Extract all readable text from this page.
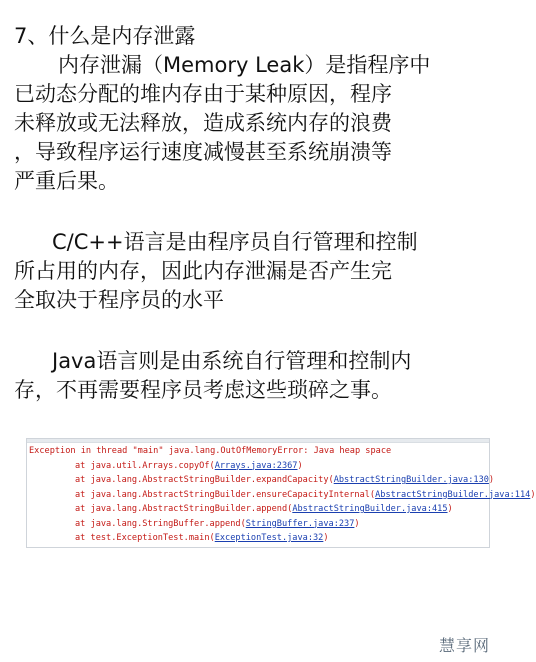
7、什么是内存泄露

内存泄漏（Memory Leak）是指程序中

已动态分配的堆内存由于某种原因，程序

未释放或无法释放，造成系统内存的浪费

，导致程序运行速度减慢甚至系统崩溃等

严重后果。

C/C++语言是由程序员自行管理和控制

所占用的内存，因此内存泄漏是否产生完

全取决于程序员的水平

Java语言则是由系统自行管理和控制内

存，不再需要程序员考虑这些琐碎之事。

Exception in thread "main" java.lang.OutOfMemoryError: Java heap space
at java.util.Arrays.copyOf(Arrays.java:2367)
at java.lang.AbstractStringBuilder.expandCapacity(AbstractStringBuilder.java:130)
at java.lang.AbstractStringBuilder.ensureCapacityInternal(AbstractStringBuilder.java:114)
at java.lang.AbstractStringBuilder.append(AbstractStringBuilder.java:415)
at java.lang.StringBuffer.append(StringBuffer.java:237)
at test.ExceptionTest.main(ExceptionTest.java:32)
慧享网
